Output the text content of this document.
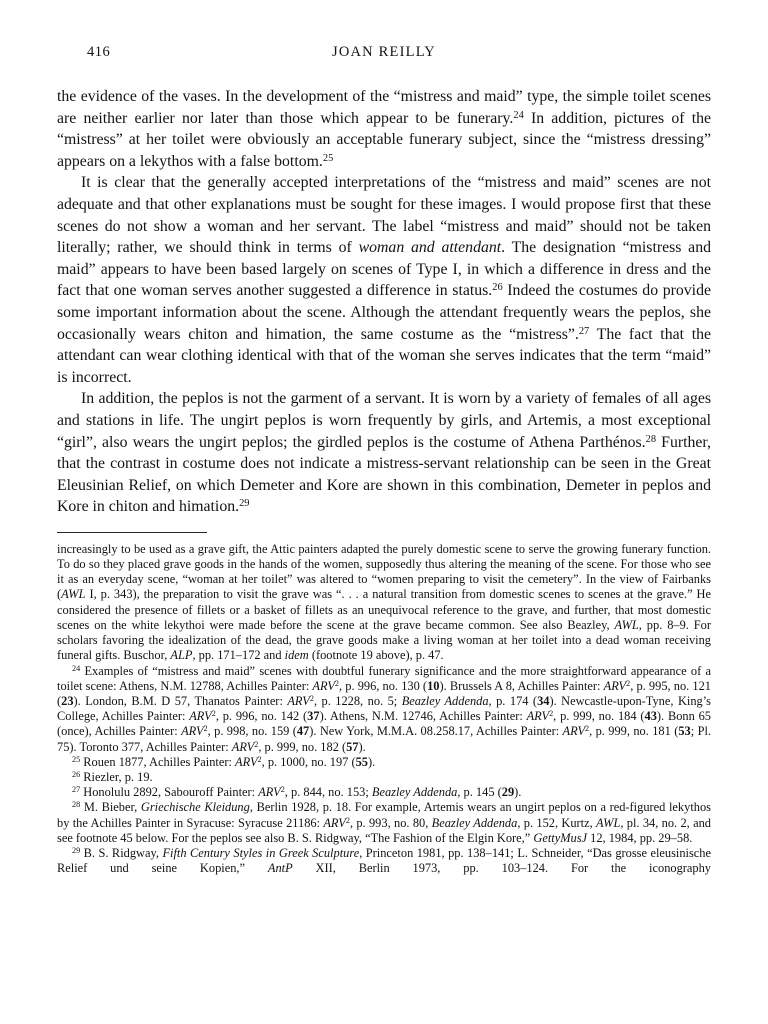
416	JOAN REILLY

the evidence of the vases. In the development of the “mistress and maid” type, the simple toilet scenes are neither earlier nor later than those which appear to be funerary.$^{24}$ In addition, pictures of the “mistress” at her toilet were obviously an acceptable funerary subject, since the “mistress dressing” appears on a lekythos with a false bottom.$^{25}$

It is clear that the generally accepted interpretations of the “mistress and maid” scenes are not adequate and that other explanations must be sought for these images. I would propose first that these scenes do not show a woman and her servant. The label “mistress and maid” should not be taken literally; rather, we should think in terms of woman and attendant. The designation “mistress and maid” appears to have been based largely on scenes of Type I, in which a difference in dress and the fact that one woman serves another suggested a difference in status.$^{26}$ Indeed the costumes do provide some important information about the scene. Although the attendant frequently wears the peplos, she occasionally wears chiton and himation, the same costume as the “mistress”.$^{27}$ The fact that the attendant can wear clothing identical with that of the woman she serves indicates that the term “maid” is incorrect.

In addition, the peplos is not the garment of a servant. It is worn by a variety of females of all ages and stations in life. The ungirt peplos is worn frequently by girls, and Artemis, a most exceptional “girl”, also wears the ungirt peplos; the girdled peplos is the costume of Athena Parthénos.$^{28}$ Further, that the contrast in costume does not indicate a mistress-servant relationship can be seen in the Great Eleusinian Relief, on which Demeter and Kore are shown in this combination, Demeter in peplos and Kore in chiton and himation.$^{29}$

increasingly to be used as a grave gift, the Attic painters adapted the purely domestic scene to serve the growing funerary function. To do so they placed grave goods in the hands of the women, supposedly thus altering the meaning of the scene. For those who see it as an everyday scene, “woman at her toilet” was altered to “women preparing to visit the cemetery”. In the view of Fairbanks (AWL I, p. 343), the preparation to visit the grave was “. . . a natural transition from domestic scenes to scenes at the grave.” He considered the presence of fillets or a basket of fillets as an unequivocal reference to the grave, and further, that most domestic scenes on the white lekythoi were made before the scene at the grave became common. See also Beazley, AWL, pp. 8–9. For scholars favoring the idealization of the dead, the grave goods make a living woman at her toilet into a dead woman receiving funeral gifts. Buschor, ALP, pp. 171–172 and idem (footnote 19 above), p. 47.

$^{24}$ Examples of “mistress and maid” scenes with doubtful funerary significance and the more straightforward appearance of a toilet scene: Athens, N.M. 12788, Achilles Painter: ARV$^2$, p. 996, no. 130 (10). Brussels A 8, Achilles Painter: ARV$^2$, p. 995, no. 121 (23). London, B.M. D 57, Thanatos Painter: ARV$^2$, p. 1228, no. 5; Beazley Addenda, p. 174 (34). Newcastle-upon-Tyne, King’s College, Achilles Painter: ARV$^2$, p. 996, no. 142 (37). Athens, N.M. 12746, Achilles Painter: ARV$^2$, p. 999, no. 184 (43). Bonn 65 (once), Achilles Painter: ARV$^2$, p. 998, no. 159 (47). New York, M.M.A. 08.258.17, Achilles Painter: ARV$^2$, p. 999, no. 181 (53; Pl. 75). Toronto 377, Achilles Painter: ARV$^2$, p. 999, no. 182 (57).

$^{25}$ Rouen 1877, Achilles Painter: ARV$^2$, p. 1000, no. 197 (55).

$^{26}$ Riezler, p. 19.

$^{27}$ Honolulu 2892, Sabouroff Painter: ARV$^2$, p. 844, no. 153; Beazley Addenda, p. 145 (29).

$^{28}$ M. Bieber, Griechische Kleidung, Berlin 1928, p. 18. For example, Artemis wears an ungirt peplos on a red-figured lekythos by the Achilles Painter in Syracuse: Syracuse 21186: ARV$^2$, p. 993, no. 80, Beazley Addenda, p. 152, Kurtz, AWL, pl. 34, no. 2, and see footnote 45 below. For the peplos see also B. S. Ridgway, “The Fashion of the Elgin Kore,” GettyMusJ 12, 1984, pp. 29–58.

$^{29}$ B. S. Ridgway, Fifth Century Styles in Greek Sculpture, Princeton 1981, pp. 138–141; L. Schneider, “Das grosse eleusinische Relief und seine Kopien,” AntP XII, Berlin 1973, pp. 103–124. For the iconography
